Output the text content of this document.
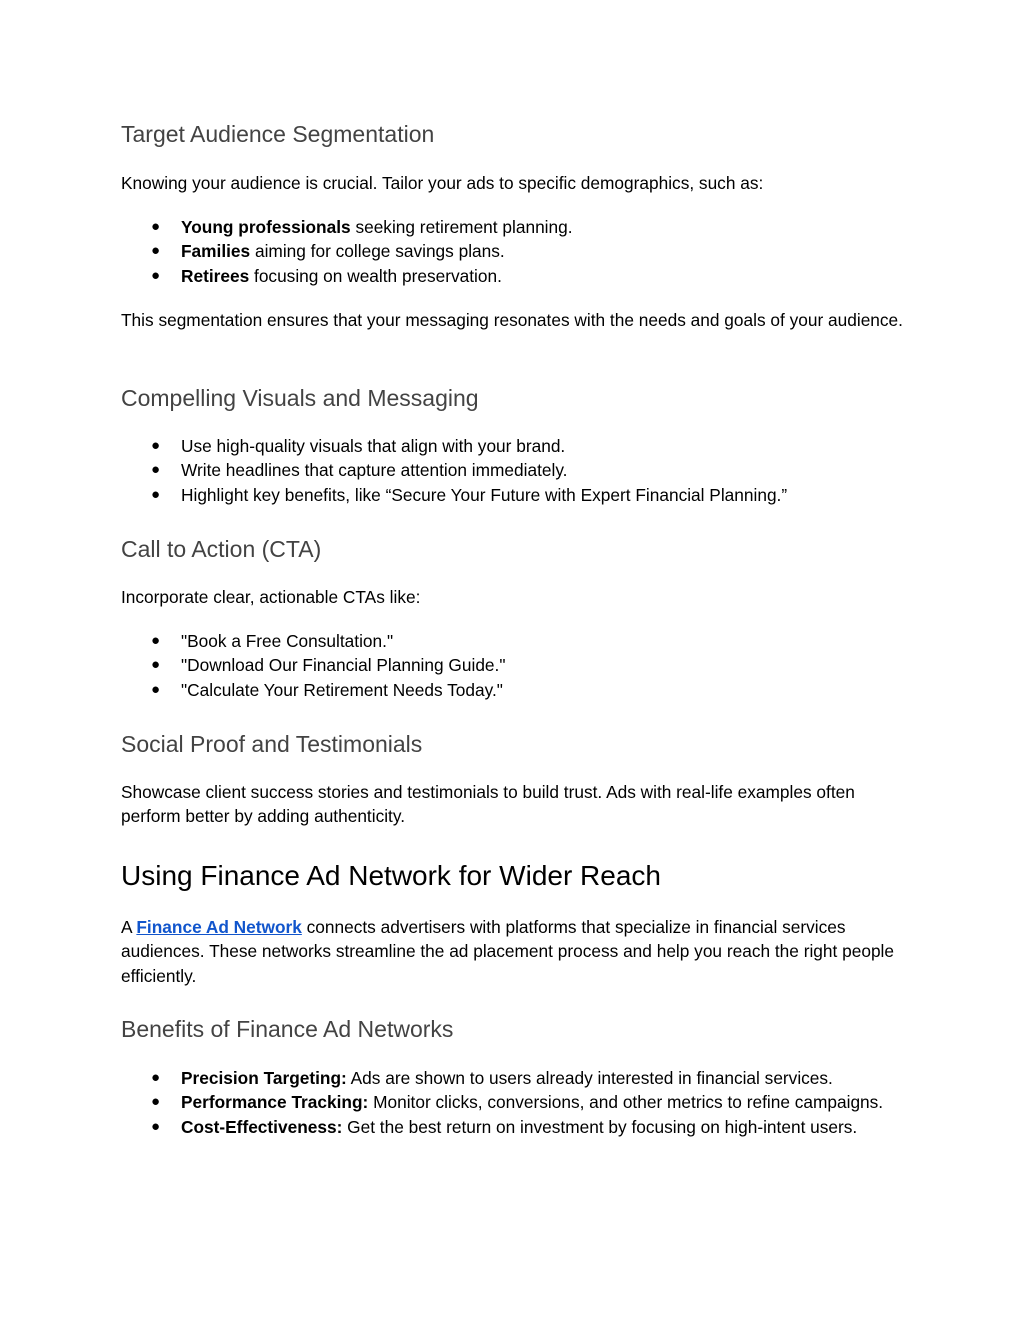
Target Audience Segmentation

Knowing your audience is crucial. Tailor your ads to specific demographics, such as:

● Young professionals seeking retirement planning.
● Families aiming for college savings plans.
● Retirees focusing on wealth preservation.

This segmentation ensures that your messaging resonates with the needs and goals of your audience.

Compelling Visuals and Messaging
● Use high-quality visuals that align with your brand.
● Write headlines that capture attention immediately.
● Highlight key benefits, like “Secure Your Future with Expert Financial Planning.”
Call to Action (CTA)

Incorporate clear, actionable CTAs like:

● "Book a Free Consultation."
● "Download Our Financial Planning Guide."
● "Calculate Your Retirement Needs Today."
Social Proof and Testimonials

Showcase client success stories and testimonials to build trust. Ads with real-life examples often perform better by adding authenticity.

Using Finance Ad Network for Wider Reach

A Finance Ad Network connects advertisers with platforms that specialize in financial services audiences. These networks streamline the ad placement process and help you reach the right people efficiently.

Benefits of Finance Ad Networks
● Precision Targeting: Ads are shown to users already interested in financial services.
● Performance Tracking: Monitor clicks, conversions, and other metrics to refine campaigns.
● Cost-Effectiveness: Get the best return on investment by focusing on high-intent users.
